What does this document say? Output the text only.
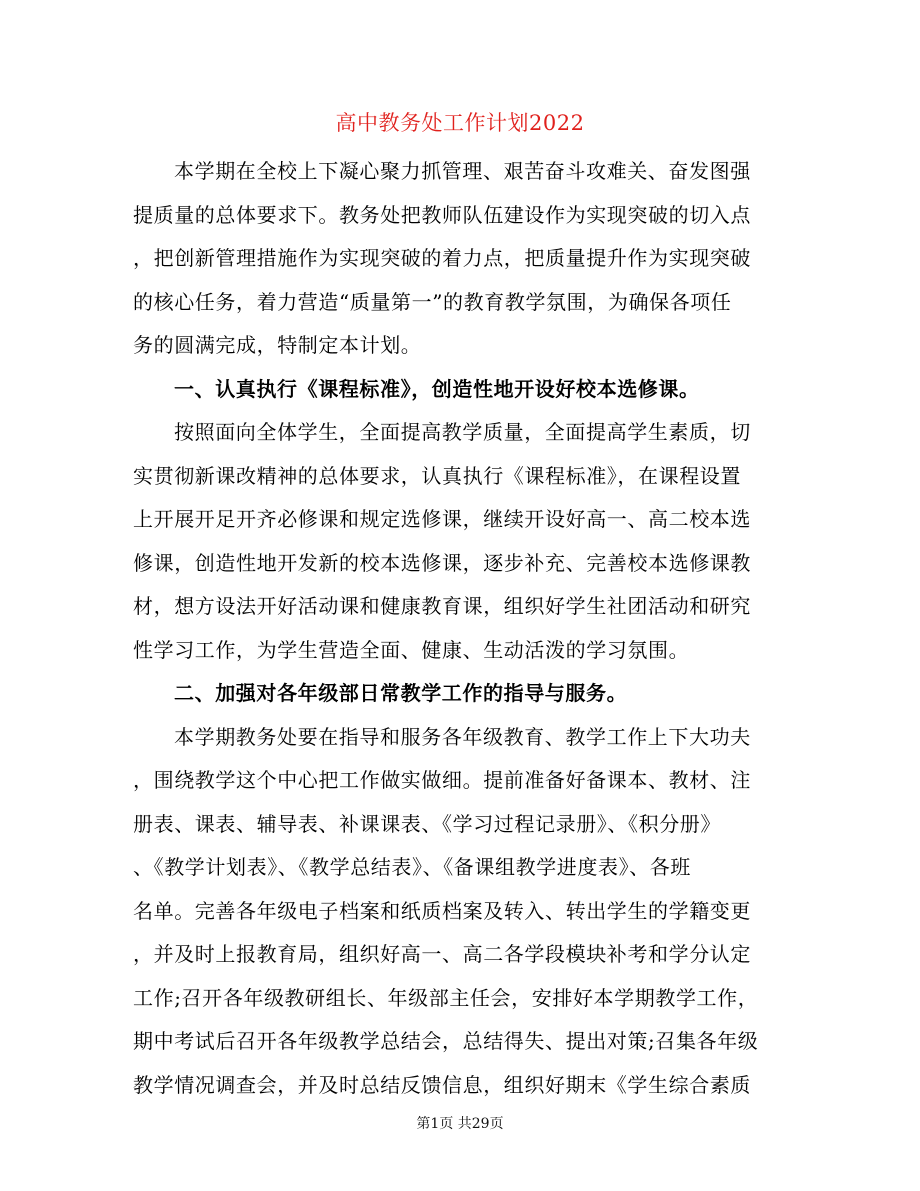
高中教务处工作计划2022
本学期在全校上下凝心聚力抓管理、艰苦奋斗攻难关、奋发图强
提质量的总体要求下。教务处把教师队伍建设作为实现突破的切入点
，把创新管理措施作为实现突破的着力点，把质量提升作为实现突破
的核心任务，着力营造“质量第一”的教育教学氛围，为确保各项任
务的圆满完成，特制定本计划。
一、认真执行《课程标准》，创造性地开设好校本选修课。
按照面向全体学生，全面提高教学质量，全面提高学生素质，切
实贯彻新课改精神的总体要求，认真执行《课程标准》，在课程设置
上开展开足开齐必修课和规定选修课，继续开设好高一、高二校本选
修课，创造性地开发新的校本选修课，逐步补充、完善校本选修课教
材，想方设法开好活动课和健康教育课，组织好学生社团活动和研究
性学习工作，为学生营造全面、健康、生动活泼的学习氛围。
二、加强对各年级部日常教学工作的指导与服务。
本学期教务处要在指导和服务各年级教育、教学工作上下大功夫
，围绕教学这个中心把工作做实做细。提前准备好备课本、教材、注
册表、课表、辅导表、补课课表、《学习过程记录册》、《积分册》
、《教学计划表》、《教学总结表》、《备课组教学进度表》、各班
名单。完善各年级电子档案和纸质档案及转入、转出学生的学籍变更
，并及时上报教育局，组织好高一、高二各学段模块补考和学分认定
工作;召开各年级教研组长、年级部主任会，安排好本学期教学工作，
期中考试后召开各年级教学总结会，总结得失、提出对策;召集各年级
教学情况调查会，并及时总结反馈信息，组织好期末《学生综合素质
第1页 共29页
